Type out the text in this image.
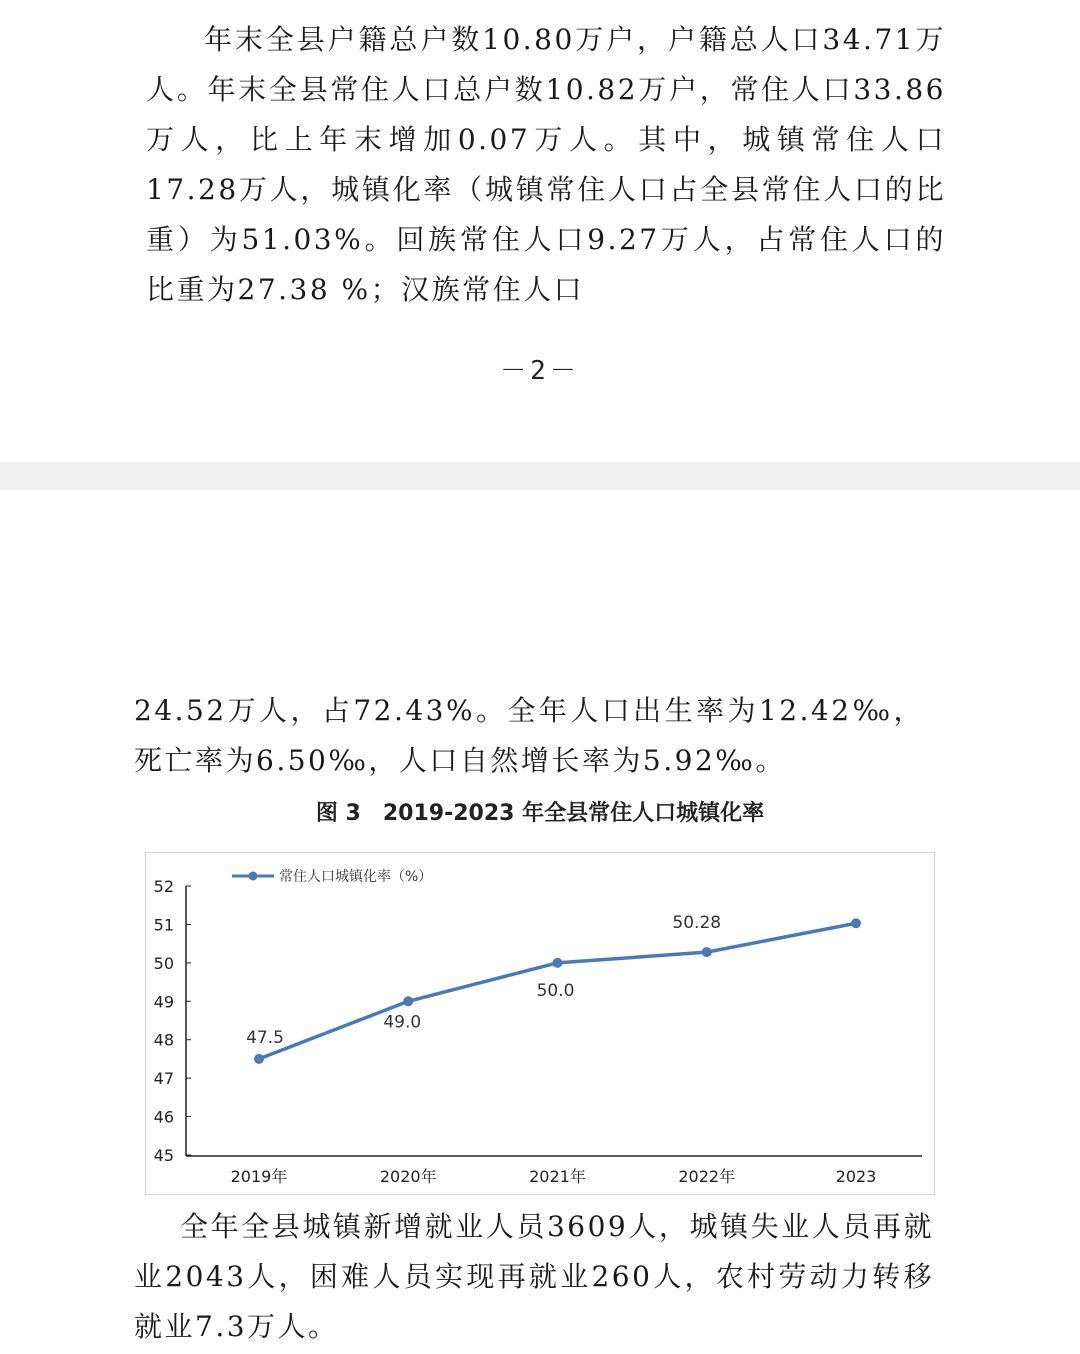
年末全县户籍总户数10.80万户，户籍总人口34.71万人。年末全县常住人口总户数10.82万户，常住人口33.86万人，比上年末增加0.07万人。其中，城镇常住人口17.28万人，城镇化率（城镇常住人口占全县常住人口的比重）为51.03%。回族常住人口9.27万人，占常住人口的比重为27.38 %；汉族常住人口

－2－

24.52万人，占72.43%。全年人口出生率为12.42‰，死亡率为6.50‰，人口自然增长率为5.92‰。

图 3　2019-2023 年全县常住人口城镇化率
45
46
47
48
49
50
51
52
2019年	2020年	2021年	2022年	2023
47.5
49.0
50.0
50.28
常住人口城镇化率（%）

全年全县城镇新增就业人员3609人，城镇失业人员再就业2043人，困难人员实现再就业260人，农村劳动力转移就业7.3万人。
